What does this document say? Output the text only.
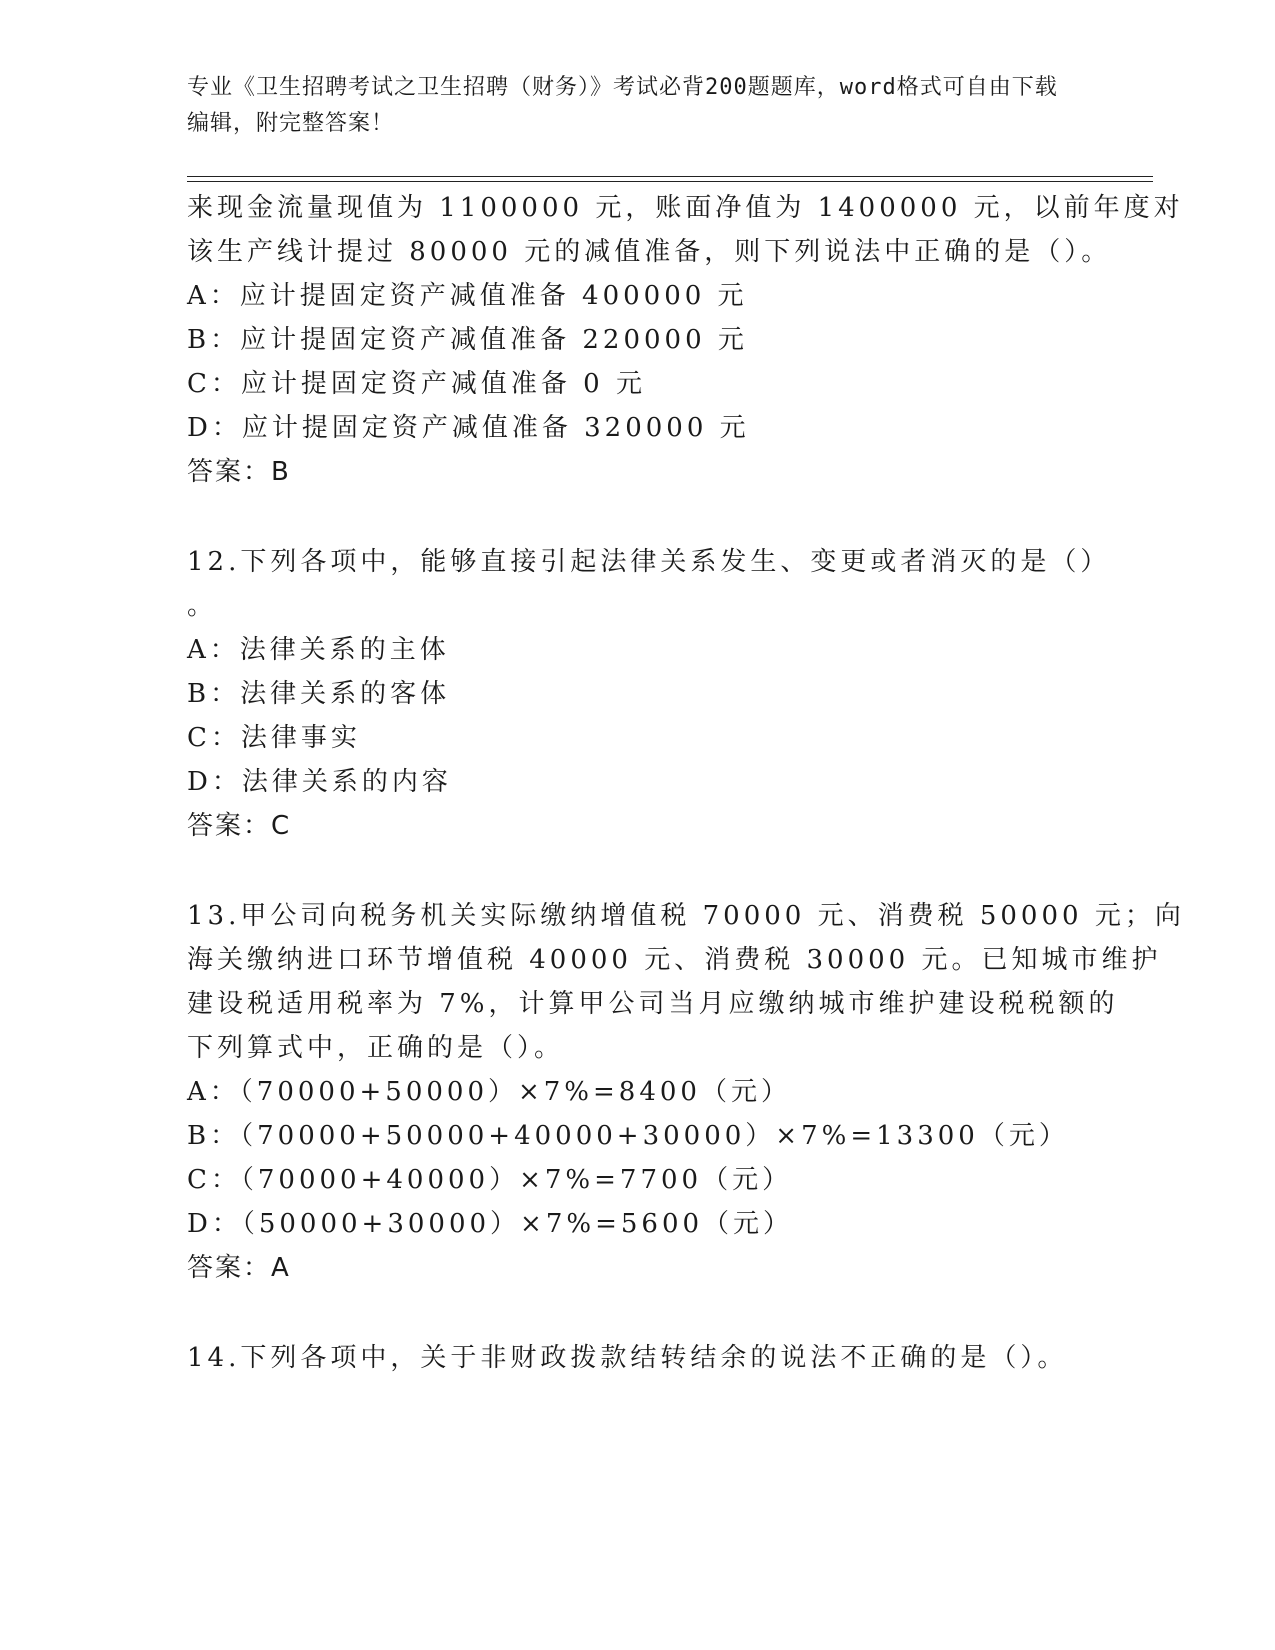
专业《卫生招聘考试之卫生招聘（财务）》考试必背200题题库，word格式可自由下载编辑，附完整答案！
来现金流量现值为 1100000 元，账面净值为 1400000 元，以前年度对
该生产线计提过 80000 元的减值准备，则下列说法中正确的是（）。
A：应计提固定资产减值准备 400000 元
B：应计提固定资产减值准备 220000 元
C：应计提固定资产减值准备 0 元
D：应计提固定资产减值准备 320000 元
答案：B
12.下列各项中，能够直接引起法律关系发生、变更或者消灭的是（）
。
A：法律关系的主体
B：法律关系的客体
C：法律事实
D：法律关系的内容
答案：C
13.甲公司向税务机关实际缴纳增值税 70000 元、消费税 50000 元；向
海关缴纳进口环节增值税 40000 元、消费税 30000 元。已知城市维护
建设税适用税率为 7%，计算甲公司当月应缴纳城市维护建设税税额的
下列算式中，正确的是（）。
A：（70000+50000）×7%=8400（元）
B：（70000+50000+40000+30000）×7%=13300（元）
C：（70000+40000）×7%=7700（元）
D：（50000+30000）×7%=5600（元）
答案：A
14.下列各项中，关于非财政拨款结转结余的说法不正确的是（）。
